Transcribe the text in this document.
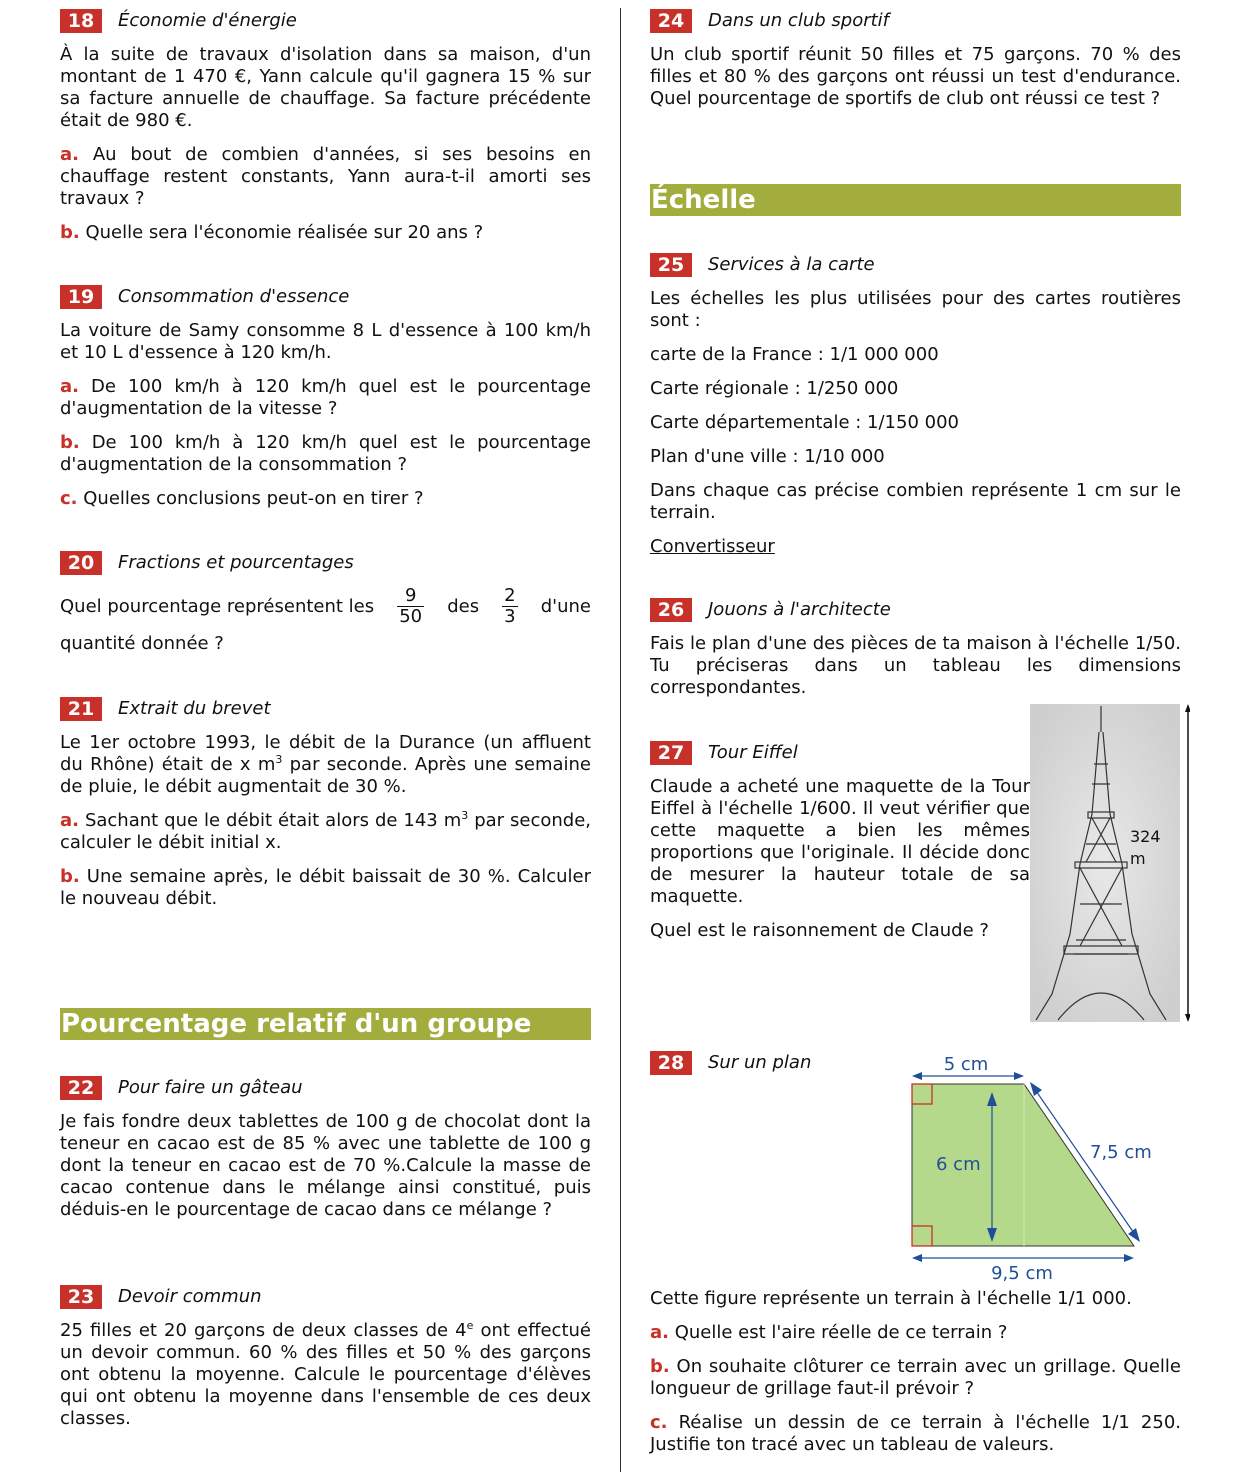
18	Économie d'énergie

À la suite de travaux d'isolation dans sa maison, d'un montant de 1 470 €, Yann calcule qu'il gagnera 15 % sur sa facture annuelle de chauffage. Sa facture précédente était de 980 €.

a. Au bout de combien d'années, si ses besoins en chauffage restent constants, Yann aura-t-il amorti ses travaux ?

b. Quelle sera l'économie réalisée sur 20 ans ?

19	Consommation d'essence

La voiture de Samy consomme 8 L d'essence à 100 km/h et 10 L d'essence à 120 km/h.

a. De 100 km/h à 120 km/h quel est le pourcentage d'augmentation de la vitesse ?

b. De 100 km/h à 120 km/h quel est le pourcentage d'augmentation de la consommation ?

c. Quelles conclusions peut-on en tirer ?

20	Fractions et pourcentages

Quel pourcentage représentent les $\frac{9}{50}$ des $\frac{2}{3} d'une$

quantité donnée ?

21	Extrait du brevet

Le 1er octobre 1993, le débit de la Durance (un affluent du Rhône) était de x $m^3$ par seconde. Après une semaine de pluie, le débit augmentait de 30 %.

a. Sachant que le débit était alors de 143 $m^3$ par seconde, calculer le débit initial x.

b. Une semaine après, le débit baissait de 30 %. Calculer le nouveau débit.

Pourcentage relatif d'un groupe
22	Pour faire un gâteau

Je fais fondre deux tablettes de 100 g de chocolat dont la teneur en cacao est de 85 % avec une tablette de 100 g dont la teneur en cacao est de 70 %.Calcule la masse de cacao contenue dans le mélange ainsi constitué, puis déduis-en le pourcentage de cacao dans ce mélange ?

23	Devoir commun

25 filles et 20 garçons de deux classes de 4e ont effectué un devoir commun. 60 % des filles et 50 % des garçons ont obtenu la moyenne. Calcule le pourcentage d'élèves qui ont obtenu la moyenne dans l'ensemble de ces deux classes.

24	Dans un club sportif

Un club sportif réunit 50 filles et 75 garçons. 70 % des filles et 80 % des garçons ont réussi un test d'endurance. Quel pourcentage de sportifs de club ont réussi ce test ?

Échelle
25	Services à la carte

Les échelles les plus utilisées pour des cartes routières sont :

carte de la France : 1/1 000 000

Carte régionale : 1/250 000

Carte départementale : 1/150 000

Plan d'une ville : 1/10 000

Dans chaque cas précise combien représente 1 cm sur le terrain.

Convertisseur

26	Jouons à l'architecte

Fais le plan d'une des pièces de ta maison à l'échelle 1/50. Tu préciseras dans un tableau les dimensions correspondantes.

27	Tour Eiffel

Claude a acheté une maquette de la Tour Eiffel à l'échelle 1/600. Il veut vérifier que cette maquette a bien les mêmes proportions que l'originale. Il décide donc de mesurer la hauteur totale de sa maquette.

Quel est le raisonnement de Claude ?

324 m
28	Sur un plan	5 cm
6 cm
7,5 cm
9,5 cm

Cette figure représente un terrain à l'échelle 1/1 000.

a. Quelle est l'aire réelle de ce terrain ?

b. On souhaite clôturer ce terrain avec un grillage. Quelle longueur de grillage faut-il prévoir ?

c. Réalise un dessin de ce terrain à l'échelle 1/1 250. Justifie ton tracé avec un tableau de valeurs.
